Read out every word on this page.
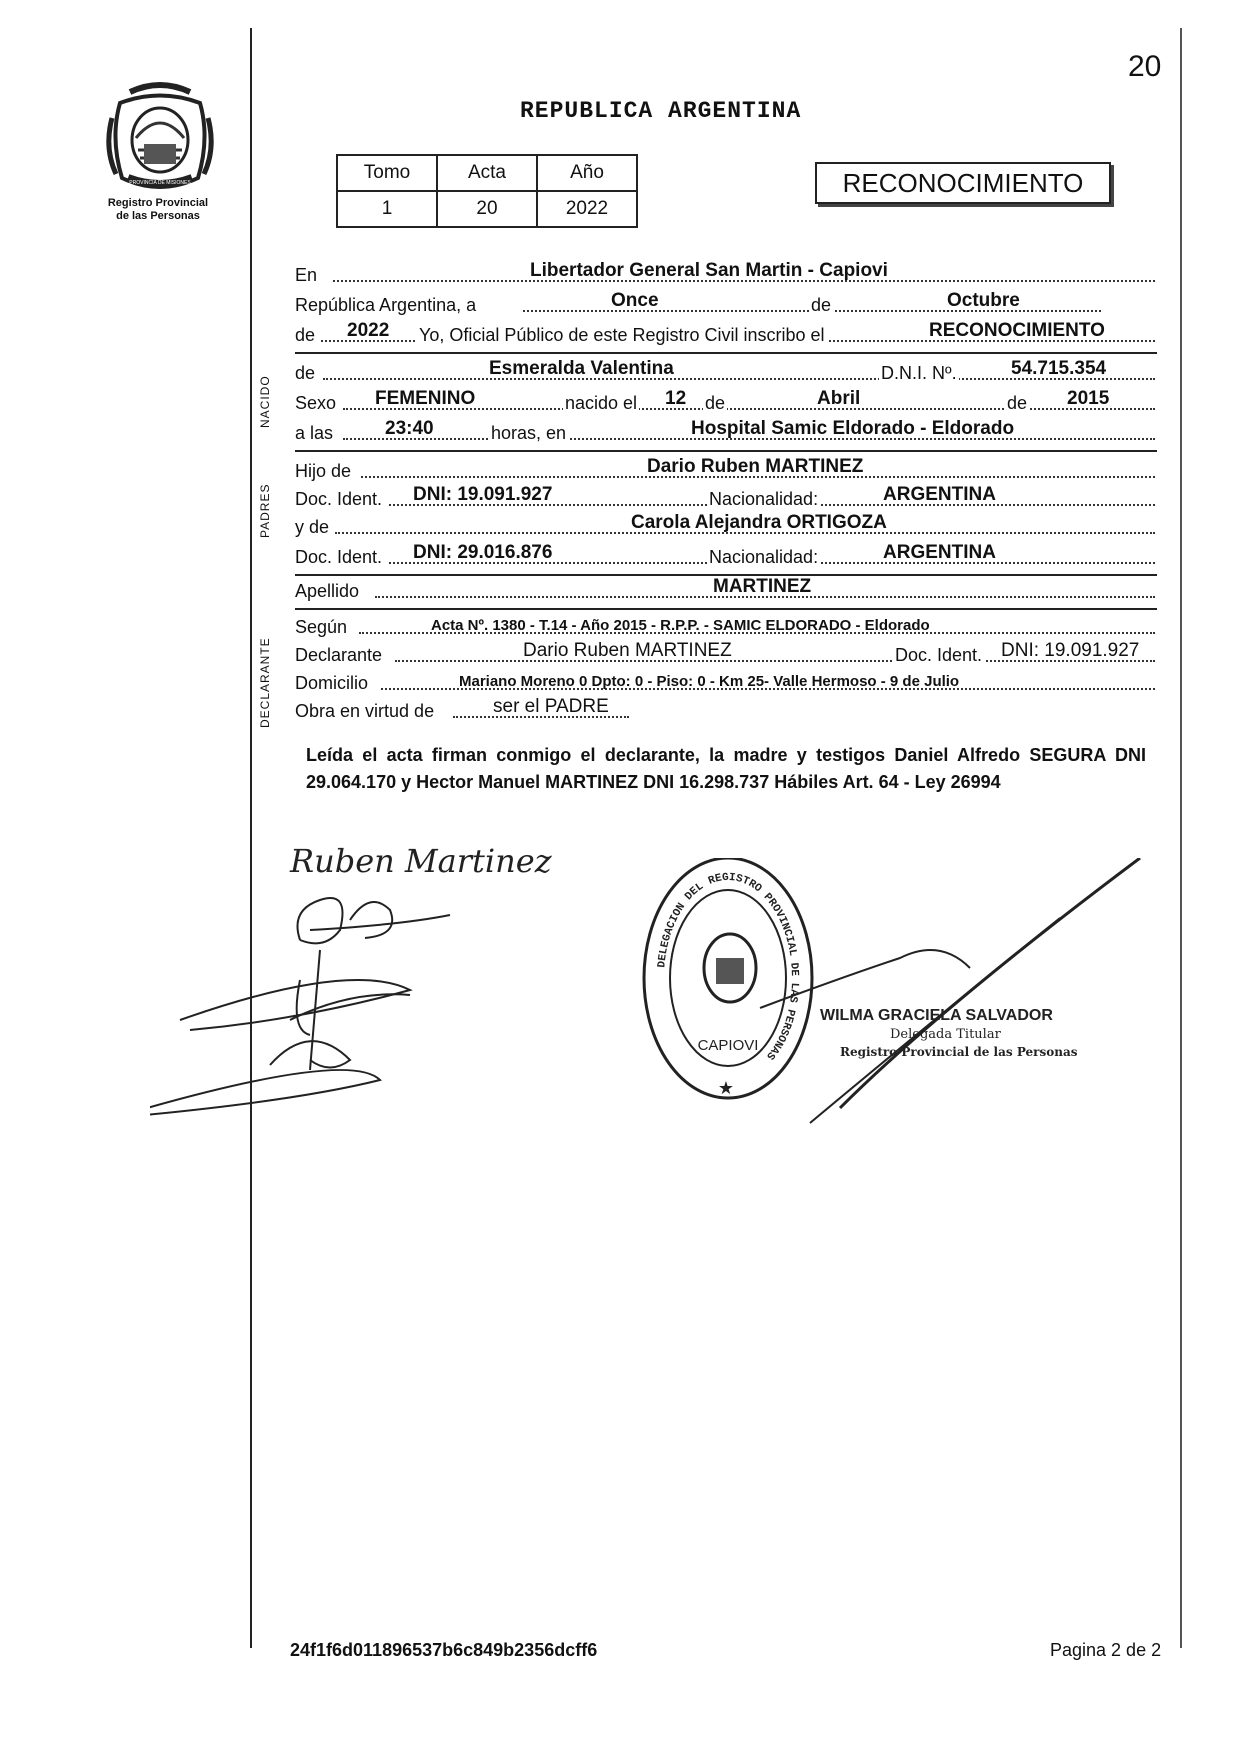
20
PROVINCIA DE MISIONES
Registro Provincial
de las Personas
REPUBLICA ARGENTINA
Tomo	Acta	Año
1	20	2022
RECONOCIMIENTO
NACIDO
PADRES
DECLARANTE
En	Libertador General San Martin - Capiovi
República Argentina, a	Once	de	Octubre
de 2022 Yo, Oficial Público de este Registro Civil inscribo el	RECONOCIMIENTO
de	Esmeralda Valentina	D.N.I. Nº.	54.715.354
Sexo FEMENINO	nacido el 12 de	Abril	de 2015
a las	23:40	horas, en	Hospital Samic Eldorado - Eldorado
Hijo de	Dario Ruben MARTINEZ
Doc. Ident. DNI: 19.091.927	Nacionalidad:	ARGENTINA
y de	Carola Alejandra ORTIGOZA
Doc. Ident. DNI: 29.016.876	Nacionalidad:	ARGENTINA
Apellido	MARTINEZ
Según	Acta Nº. 1380 - T.14 - Año 2015 - R.P.P. - SAMIC ELDORADO - Eldorado
Declarante	Dario Ruben MARTINEZ	Doc. Ident. DNI: 19.091.927
Domicilio	Mariano Moreno 0 Dpto: 0 - Piso: 0 - Km 25- Valle Hermoso - 9 de Julio
Obra en virtud de	ser el PADRE
Leída el acta firman conmigo el declarante, la madre y testigos Daniel Alfredo SEGURA DNI 29.064.170 y Hector Manuel MARTINEZ DNI 16.298.737 Hábiles Art. 64 - Ley 26994
Ruben Martinez
DELEGACION DEL REGISTRO PROVINCIAL DE LAS PERSONAS
CAPIOVI
★
WILMA GRACIELA SALVADOR
Delegada Titular
Registro Provincial de las Personas
24f1f6d011896537b6c849b2356dcff6	Pagina 2 de 2
